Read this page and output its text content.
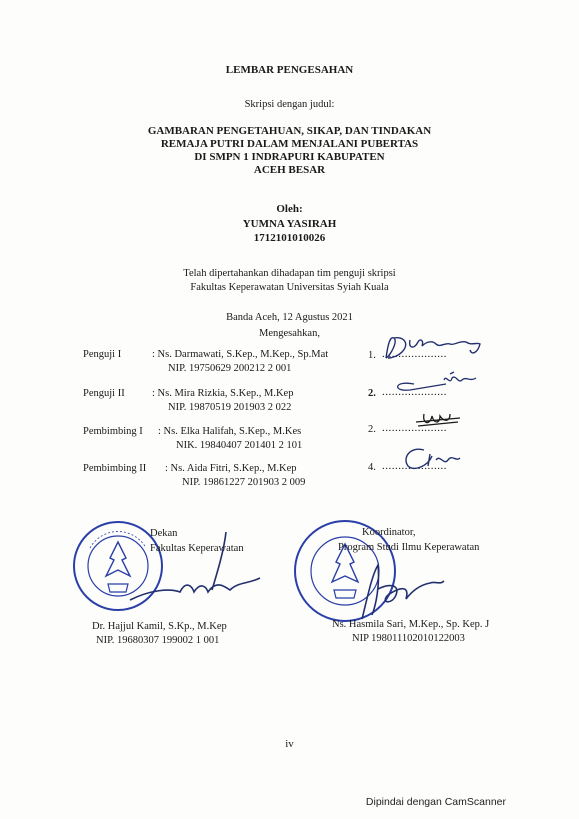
LEMBAR PENGESAHAN
Skripsi dengan judul:
GAMBARAN PENGETAHUAN, SIKAP, DAN TINDAKAN
REMAJA PUTRI DALAM MENJALANI PUBERTAS
DI SMPN 1 INDRAPURI KABUPATEN
ACEH BESAR
Oleh:
YUMNA YASIRAH
1712101010026
Telah dipertahankan dihadapan tim penguji skripsi
Fakultas Keperawatan Universitas Syiah Kuala
Banda Aceh, 12 Agustus 2021
Mengesahkan,
Penguji I	: Ns. Darmawati, S.Kep., M.Kep., Sp.Mat
NIP. 19750629 200212 2 001
1. ....................
Penguji II	: Ns. Mira Rizkia, S.Kep., M.Kep
NIP. 19870519 201903 2 022
2. ....................
Pembimbing I : Ns. Elka Halifah, S.Kep., M.Kes
NIK. 19840407 201401 2 101
2. ....................
Pembimbing II : Ns. Aida Fitri, S.Kep., M.Kep
NIP. 19861227 201903 2 009
4. ....................
Dekan
Fakultas Keperawatan
Dr. Hajjul Kamil, S.Kp., M.Kep
NIP. 19680307 199002 1 001
Koordinator,
Program Studi Ilmu Keperawatan
Ns. Hasmila Sari, M.Kep., Sp. Kep. J
NIP 198011102010122003
iv
Dipindai dengan CamScanner
